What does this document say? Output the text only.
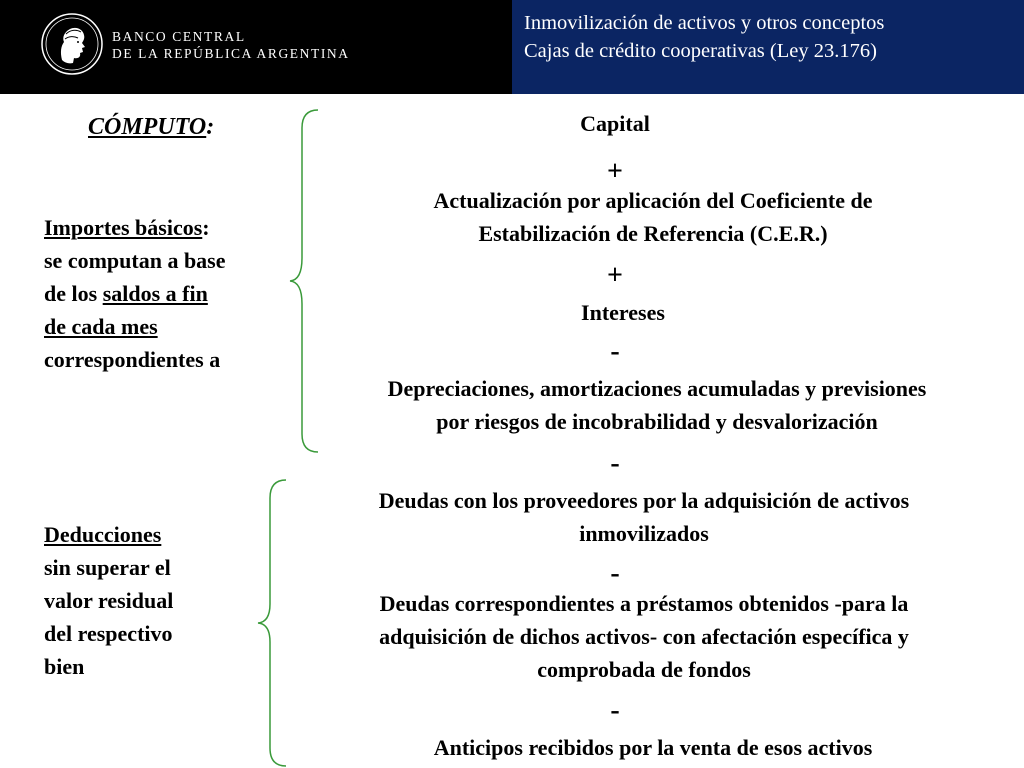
BANCO CENTRAL
DE LA REPÚBLICA ARGENTINA
Inmovilización de activos y otros conceptos
Cajas de crédito cooperativas (Ley 23.176)
CÓMPUTO:
Importes básicos:
se computan a base
de los saldos a fin
de cada mes
correspondientes a
Deducciones
sin superar el
valor residual
del respectivo
bien
Capital
+
Actualización por aplicación del Coeficiente de
Estabilización de Referencia (C.E.R.)
+
Intereses
-
Depreciaciones, amortizaciones acumuladas y previsiones
por riesgos de incobrabilidad y desvalorización
-
Deudas con los proveedores por la adquisición de activos
inmovilizados
-
Deudas correspondientes a préstamos obtenidos -para la
adquisición de dichos activos- con afectación específica y
comprobada de fondos
-
Anticipos recibidos por la venta de esos activos
